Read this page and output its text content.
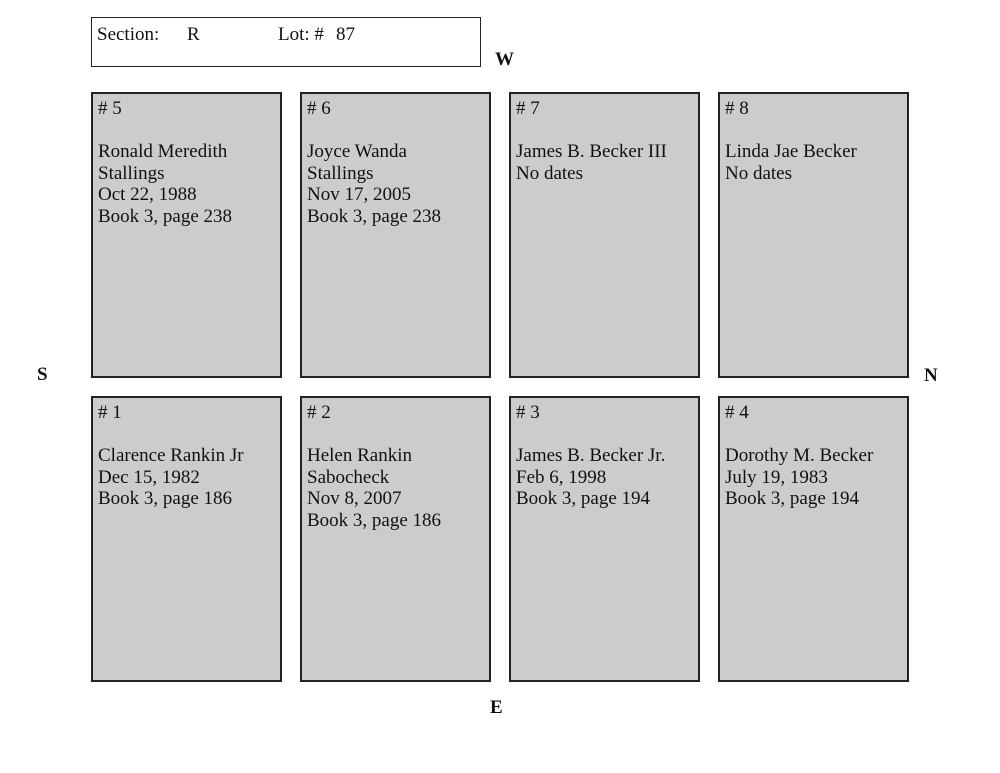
Section: R	Lot: # 87
W
S	N
E
# 5
Ronald Meredith
Stallings
Oct 22, 1988
Book 3, page 238
# 6
Joyce Wanda
Stallings
Nov 17, 2005
Book 3, page 238
# 7
James B. Becker III
No dates
# 8
Linda Jae Becker
No dates
# 1
Clarence Rankin Jr
Dec 15, 1982
Book 3, page 186
# 2
Helen Rankin
Sabocheck
Nov 8, 2007
Book 3, page 186
# 3
James B. Becker Jr.
Feb 6, 1998
Book 3, page 194
# 4
Dorothy M. Becker
July 19, 1983
Book 3, page 194
